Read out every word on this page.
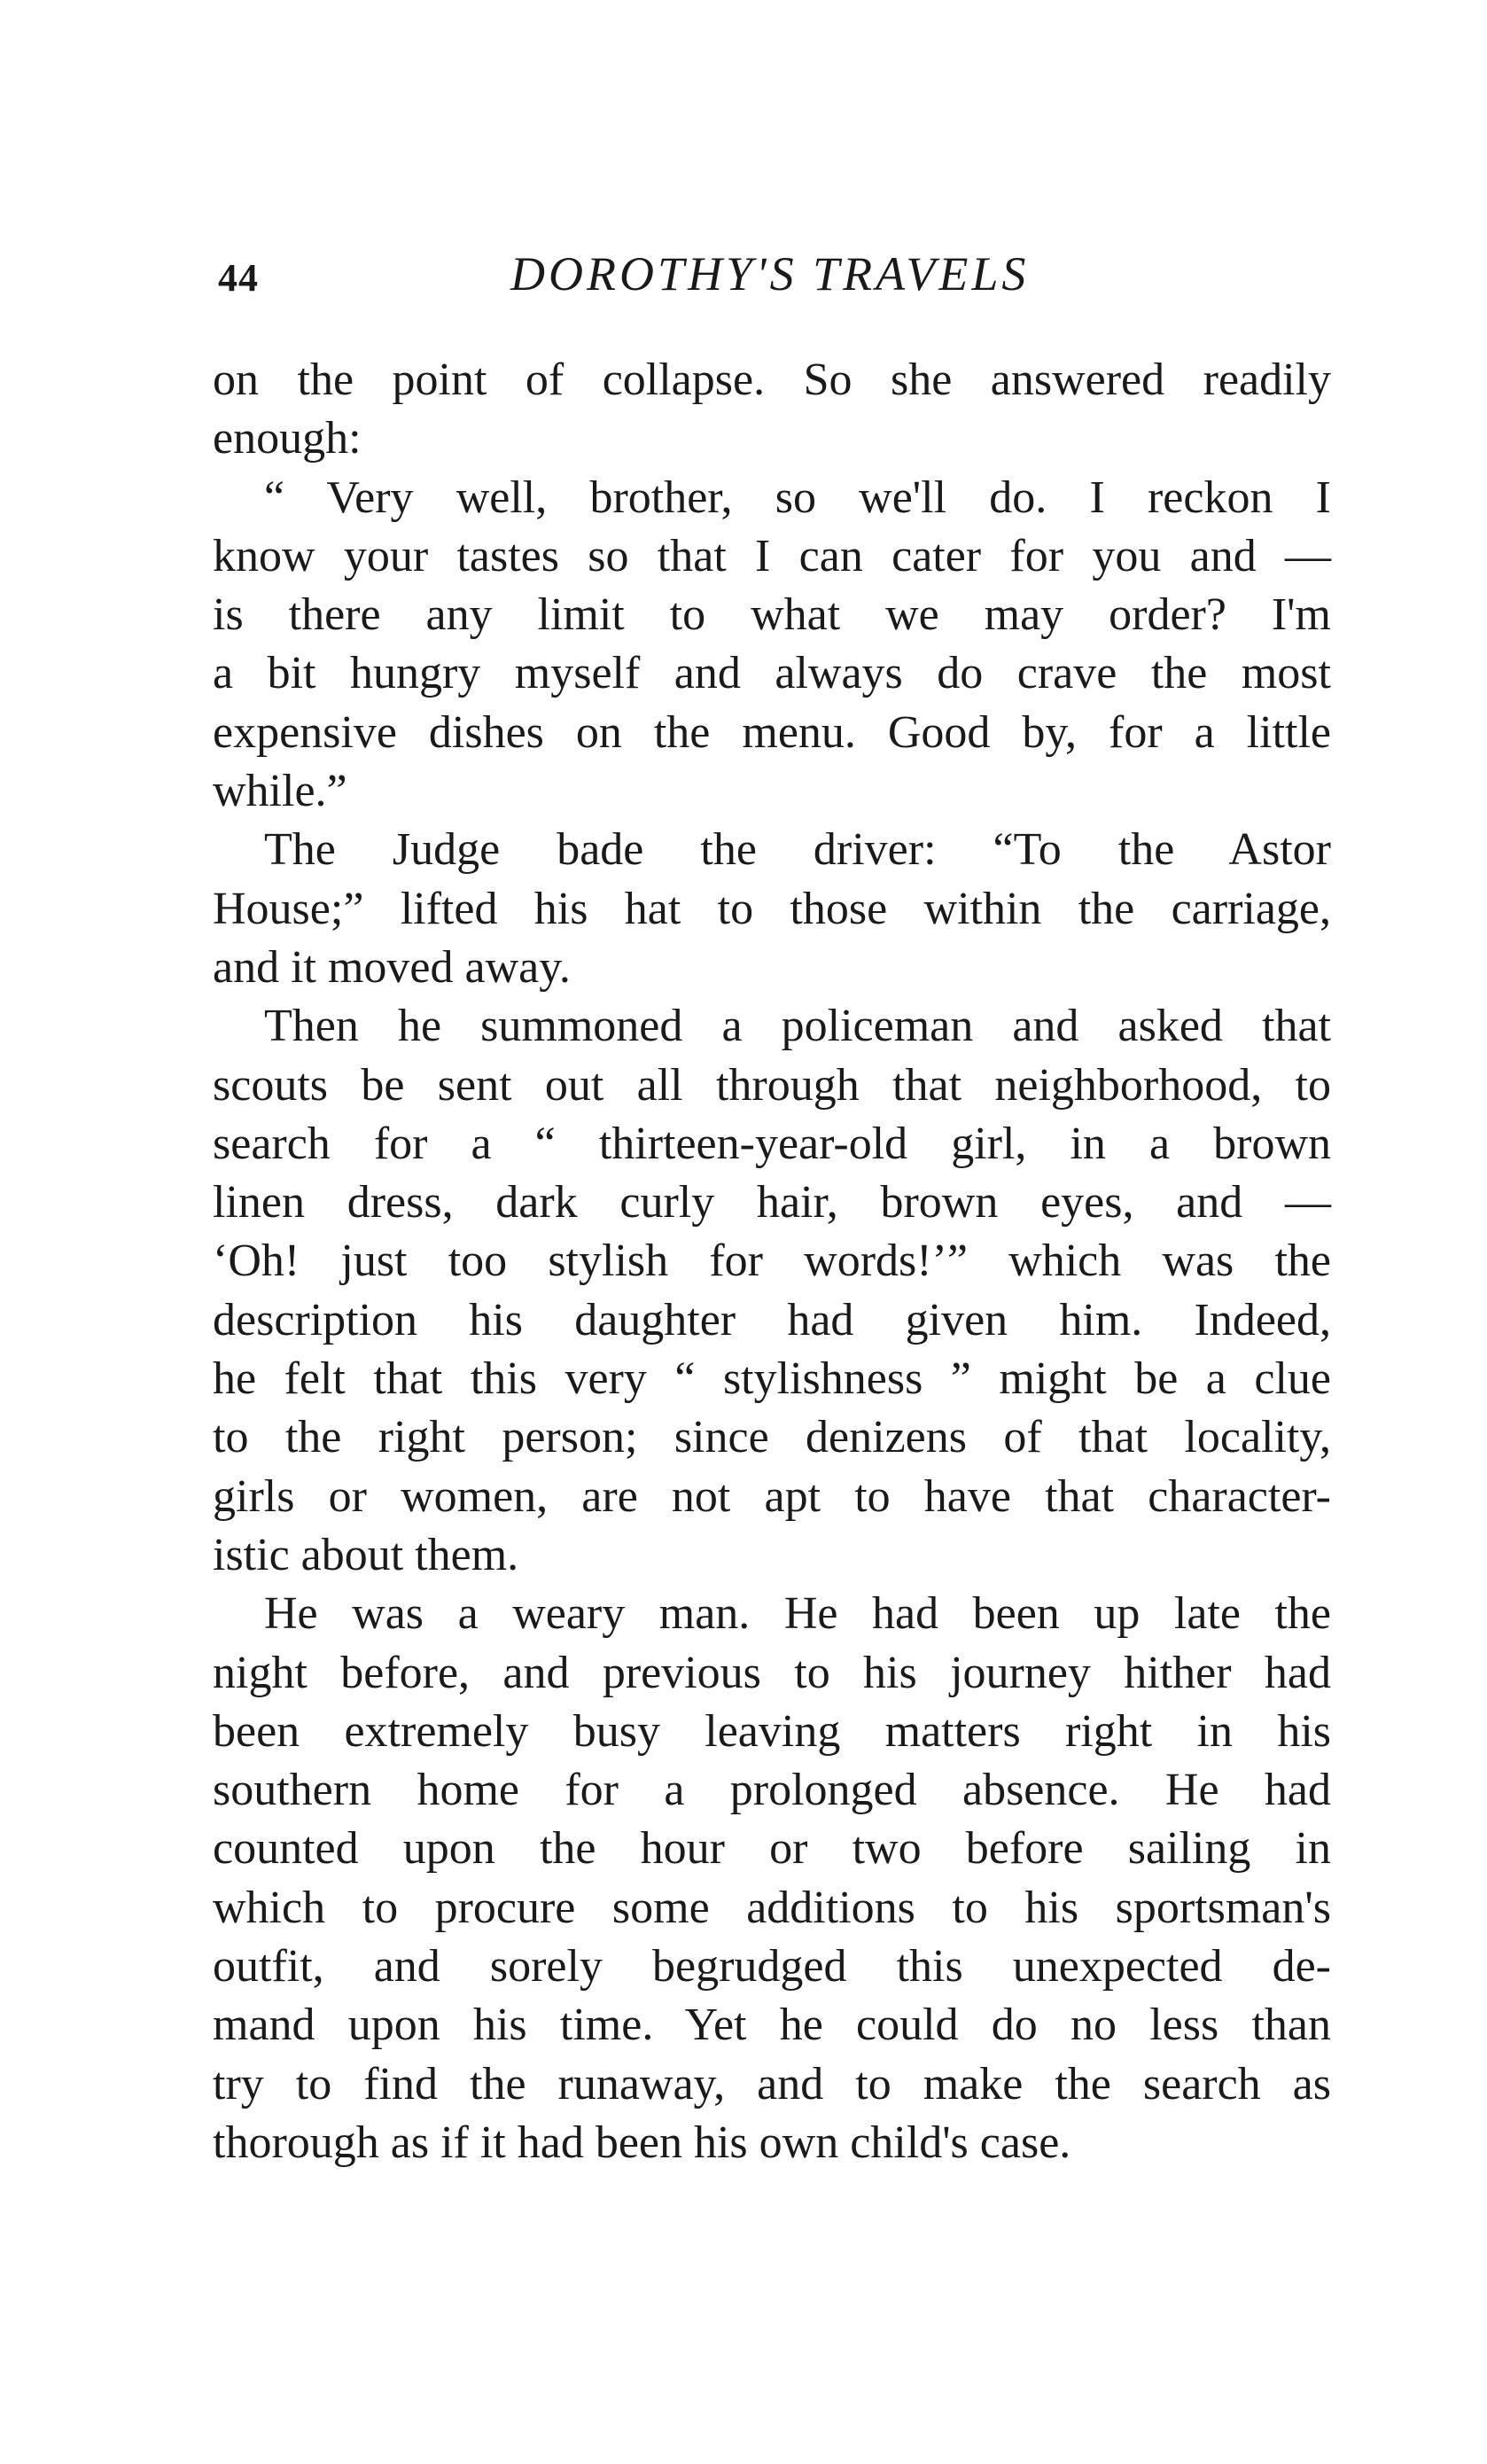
44	DOROTHY'S TRAVELS
on the point of collapse. So she answered readily
enough:
“ Very well, brother, so we'll do. I reckon I
know your tastes so that I can cater for you and —
is there any limit to what we may order? I'm
a bit hungry myself and always do crave the most
expensive dishes on the menu. Good by, for a little
while.”
The Judge bade the driver: “To the Astor
House;” lifted his hat to those within the carriage,
and it moved away.
Then he summoned a policeman and asked that
scouts be sent out all through that neighborhood, to
search for a “ thirteen-year-old girl, in a brown
linen dress, dark curly hair, brown eyes, and —
‘Oh! just too stylish for words!’” which was the
description his daughter had given him. Indeed,
he felt that this very “ stylishness ” might be a clue
to the right person; since denizens of that locality,
girls or women, are not apt to have that character-
istic about them.
He was a weary man. He had been up late the
night before, and previous to his journey hither had
been extremely busy leaving matters right in his
southern home for a prolonged absence. He had
counted upon the hour or two before sailing in
which to procure some additions to his sportsman's
outfit, and sorely begrudged this unexpected de-
mand upon his time. Yet he could do no less than
try to find the runaway, and to make the search as
thorough as if it had been his own child's case.
